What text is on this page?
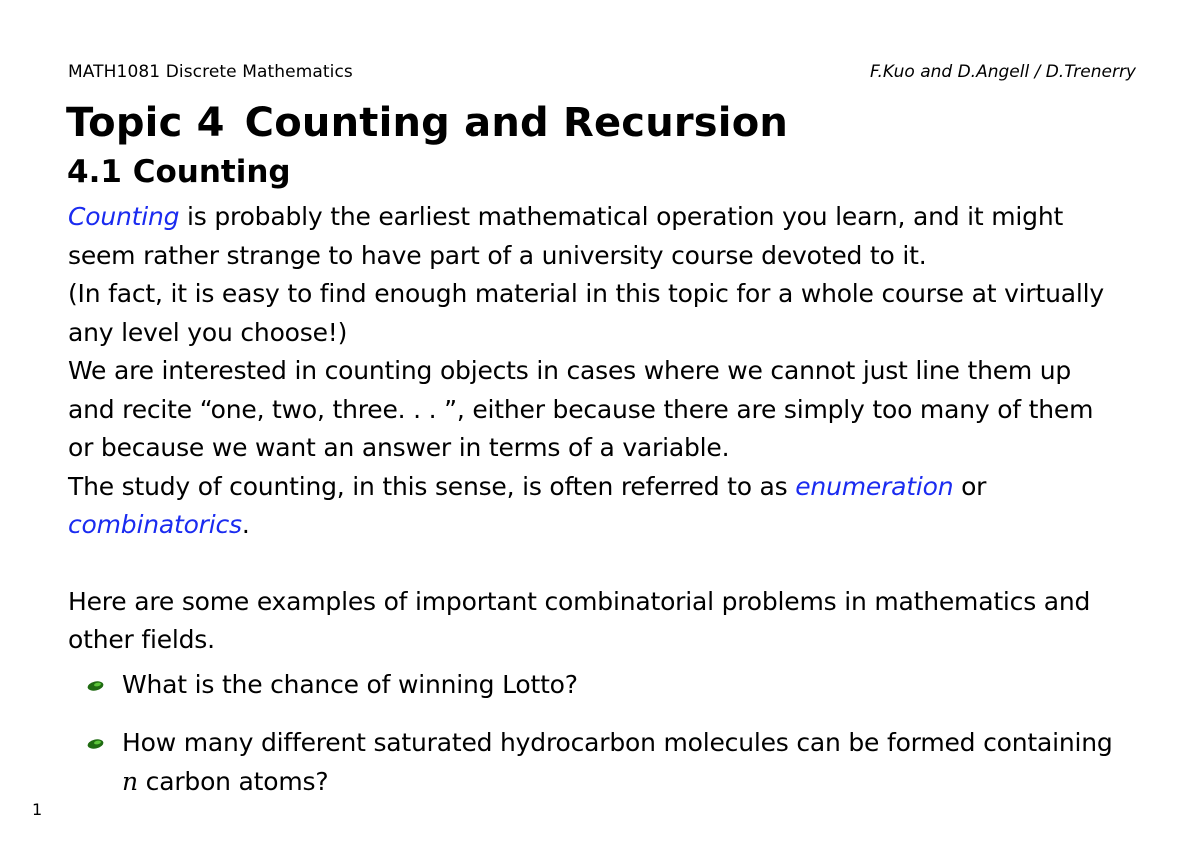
MATH1081 Discrete Mathematics	F.Kuo and D.Angell / D.Trenerry
Topic 4 Counting and Recursion
4.1 Counting

Counting is probably the earliest mathematical operation you learn, and it might
seem rather strange to have part of a university course devoted to it.

(In fact, it is easy to find enough material in this topic for a whole course at virtually
any level you choose!)

We are interested in counting objects in cases where we cannot just line them up
and recite “one, two, three. . . ”, either because there are simply too many of them
or because we want an answer in terms of a variable.

The study of counting, in this sense, is often referred to as enumeration or
combinatorics.

Here are some examples of important combinatorial problems in mathematics and
other fields.

What is the chance of winning Lotto?
How many different saturated hydrocarbon molecules can be formed containing
n carbon atoms?
1
